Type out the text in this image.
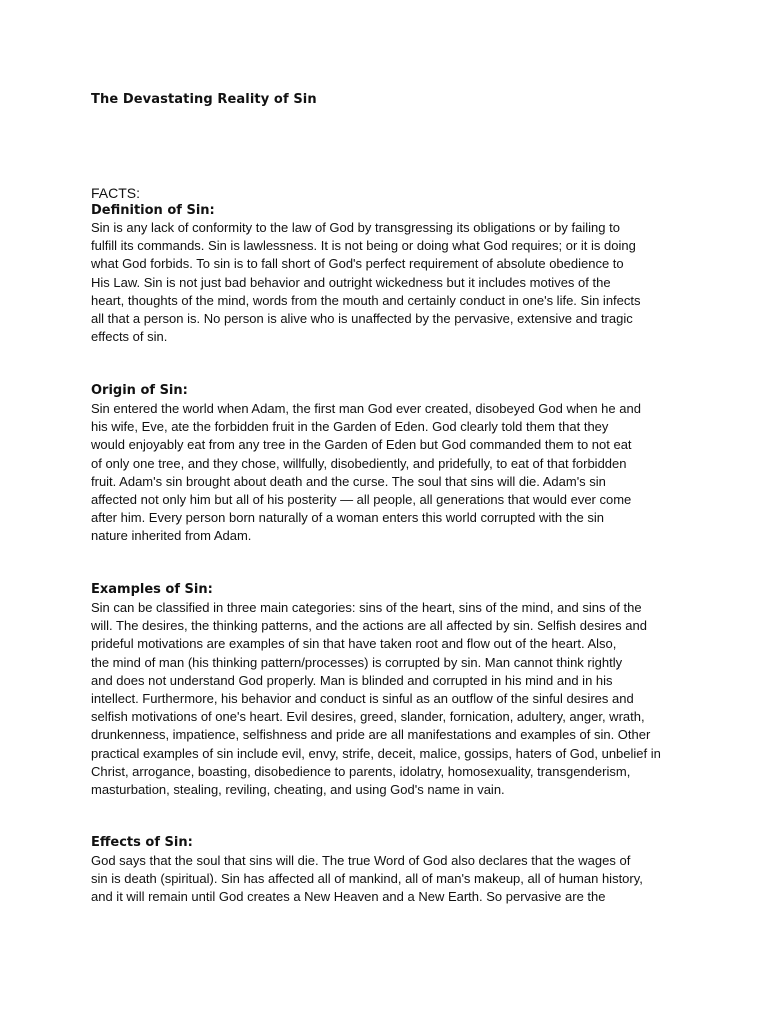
The Devastating Reality of Sin
FACTS:
Definition of Sin:
Sin is any lack of conformity to the law of God by transgressing its obligations or by failing to
fulfill its commands. Sin is lawlessness. It is not being or doing what God requires; or it is doing
what God forbids. To sin is to fall short of God's perfect requirement of absolute obedience to
His Law. Sin is not just bad behavior and outright wickedness but it includes motives of the
heart, thoughts of the mind, words from the mouth and certainly conduct in one's life. Sin infects
all that a person is. No person is alive who is unaffected by the pervasive, extensive and tragic
effects of sin.
Origin of Sin:
Sin entered the world when Adam, the first man God ever created, disobeyed God when he and
his wife, Eve, ate the forbidden fruit in the Garden of Eden. God clearly told them that they
would enjoyably eat from any tree in the Garden of Eden but God commanded them to not eat
of only one tree, and they chose, willfully, disobediently, and pridefully, to eat of that forbidden
fruit. Adam's sin brought about death and the curse. The soul that sins will die. Adam's sin
affected not only him but all of his posterity — all people, all generations that would ever come
after him. Every person born naturally of a woman enters this world corrupted with the sin
nature inherited from Adam.
Examples of Sin:
Sin can be classified in three main categories: sins of the heart, sins of the mind, and sins of the
will. The desires, the thinking patterns, and the actions are all affected by sin. Selfish desires and
prideful motivations are examples of sin that have taken root and flow out of the heart. Also,
the mind of man (his thinking pattern/processes) is corrupted by sin. Man cannot think rightly
and does not understand God properly. Man is blinded and corrupted in his mind and in his
intellect. Furthermore, his behavior and conduct is sinful as an outflow of the sinful desires and
selfish motivations of one's heart. Evil desires, greed, slander, fornication, adultery, anger, wrath,
drunkenness, impatience, selfishness and pride are all manifestations and examples of sin. Other
practical examples of sin include evil, envy, strife, deceit, malice, gossips, haters of God, unbelief in
Christ, arrogance, boasting, disobedience to parents, idolatry, homosexuality, transgenderism,
masturbation, stealing, reviling, cheating, and using God's name in vain.
Effects of Sin:
God says that the soul that sins will die. The true Word of God also declares that the wages of
sin is death (spiritual). Sin has affected all of mankind, all of man's makeup, all of human history,
and it will remain until God creates a New Heaven and a New Earth. So pervasive are the
